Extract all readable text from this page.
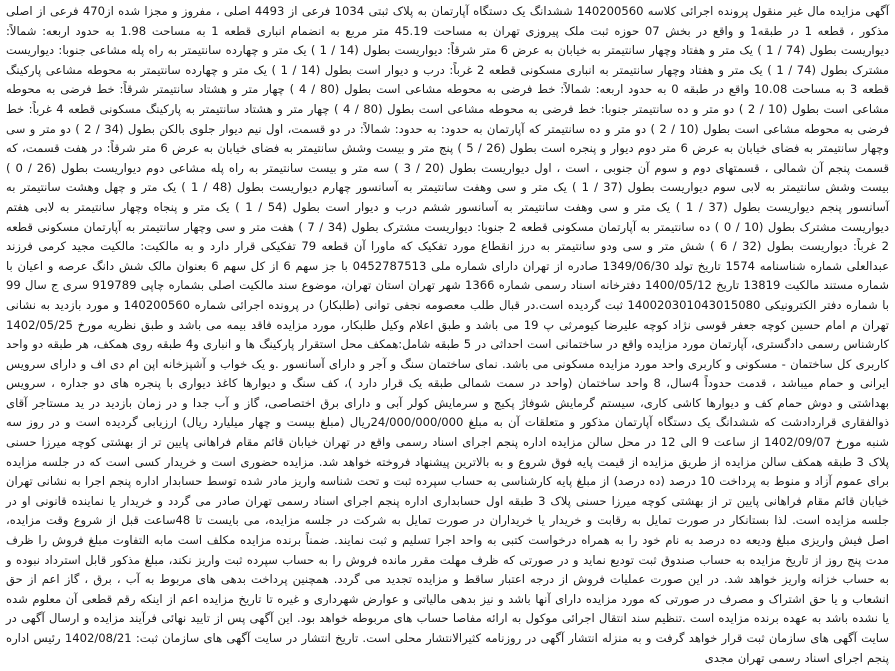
آگهی مزایده مال غیر منقول پرونده اجرائی کلاسه 140200560 ششدانگ یک دستگاه آپارتمان به پلاک ثبتی 1034 فرعی از 4493 اصلی ، مفروز و مجزا شده از470 فرعی از اصلی مذکور ، قطعه 1 در طبقه1 و واقع در بخش 07 حوزه ثبت ملک پیروزی تهران به مساحت 45.19 متر مربع به انضمام انباری قطعه 1 به مساحت 1.98 به حدود اربعه: شمالاً: دیواریست بطول (74 / 1 ) یک متر و هفتاد وچهار سانتیمتر به خیابان به عرض 6 متر شرقاً: دیواریست بطول (14 / 1 ) یک متر و چهارده سانتیمتر به راه پله مشاعی جنوبا: دیواریست مشترک بطول (74 / 1 ) یک متر و هفتاد وچهار سانتیمتر به انباری مسکونی قطعه 2 غرباً: درب و دیوار است بطول (14 / 1 ) یک متر و چهارده سانتیمتر به محوطه مشاعی پارکینگ قطعه 3 به مساحت 10.08 واقع در طبقه 0 به حدود اربعه: شمالاً: خط فرضی به محوطه مشاعی است بطول (80 / 4 ) چهار متر و هشتاد سانتیمتر شرقاً: خط فرضی به محوطه مشاعی است بطول (10 / 2 ) دو متر و ده سانتیمتر جنوبا: خط فرضی به محوطه مشاعی است بطول (80 / 4 ) چهار متر و هشتاد سانتیمتر به پارکینگ مسکونی قطعه 4 غرباً: خط فرضی به محوطه مشاعی است بطول (10 / 2 ) دو متر و ده سانتیمتر که آپارتمان به حدود: به حدود: شمالاً: در دو قسمت، اول نیم دیوار جلوی بالکن بطول (34 / 2 ) دو متر و سی وچهار سانتیمتر به فضای خیابان به عرض 6 متر دوم دیوار و پنجره است بطول (26 / 5 ) پنج متر و بیست وشش سانتیمتر به فضای خیابان به عرض 6 متر شرقاً: در هفت قسمت، که قسمت پنجم آن شمالی ، قسمتهای دوم و سوم آن جنوبی ، است ، اول دیواریست بطول (20 / 3 ) سه متر و بیست سانتیمتر به راه پله مشاعی دوم دیواریست بطول (26 / 0 ) بیست وشش سانتیمتر به لابی سوم دیواریست بطول (37 / 1 ) یک متر و سی وهفت سانتیمتر به آسانسور چهارم دیواریست بطول (48 / 1 ) یک متر و چهل وهشت سانتیمتر به آسانسور پنجم دیواریست بطول (37 / 1 ) یک متر و سی وهفت سانتیمتر به آسانسور ششم درب و دیوار است بطول (54 / 1 ) یک متر و پنجاه وچهار سانتیمتر به لابی هفتم دیواریست مشترک بطول (10 / 0 ) ده سانتیمتر به آپارتمان مسکونی قطعه 2 جنوبا: دیواریست مشترک بطول (34 / 7 ) هفت متر و سی وچهار سانتیمتر به آپارتمان مسکونی قطعه 2 غرباً: دیواریست بطول (32 / 6 ) شش متر و سی ودو سانتیمتر به درز انقطاع مورد تفکیک که ماورا آن قطعه 79 تفکیکی قرار دارد و به مالکیت: مالکیت مجید کرمی فرزند عبدالعلی شماره شناسنامه 1574 تاریخ تولد 1349/06/30 صادره از تهران دارای شماره ملی 0452787513 با جز سهم 6 از کل سهم 6 بعنوان مالک شش دانگ عرصه و اعیان با شماره مستند مالکیت 13819 تاریخ 1400/05/12 دفترخانه اسناد رسمی شماره 1366 شهر تهران استان تهران، موضوع سند مالکیت اصلی بشماره چاپی 919789 سری ج سال 99 با شماره دفتر الکترونیکی 140020301043015080 ثبت گردیده است.در قبال طلب معصومه نجفی توانی (طلبکار) در پرونده اجرائی شماره 140200560 و مورد بازدید به نشانی تهران م امام حسین کوچه جعفر قوسی نژاد کوچه علیرضا کیومرثی پ 19 می باشد و طبق اعلام وکیل طلبکار، مورد مزایده فاقد بیمه می باشد و طبق نظریه مورخ 1402/05/25 کارشناس رسمی دادگستری، آپارتمان مورد مزایده واقع در ساختمانی است احداثی در 5 طبقه شامل:همکف محل استقرار پارکینگ ها و انباری و4 طبقه روی همکف، هر طبقه دو واحد کاربری کل ساختمان - مسکونی و کاربری واحد مورد مزایده مسکونی می باشد. نمای ساختمان سنگ و آجر و دارای آسانسور .و یک خواب و آشپزخانه اپن ام دی اف و دارای سرویس ایرانی و حمام میباشد ، قدمت حدوداً 4سال، 8 واحد ساختمان (واحد در سمت شمالی طبقه یک قرار دارد )، کف سنگ و دیوارها کاغذ دیواری با پنجره های دو جداره ، سرویس بهداشتی و دوش حمام کف و دیوارها کاشی کاری، سیستم گرمایش شوفاژ پکیج و سرمایش کولر آبی و دارای برق اختصاصی، گاز و آب جدا و در زمان بازدید در ید مستاجر آقای ذوالفقاری قراردادشت که ششدانگ یک دستگاه آپارتمان مذکور و متعلقات آن به مبلغ 24/000/000/000ریال (مبلغ بیست و چهار میلیارد ریال) ارزیابی گردیده است و در روز سه شنبه مورخ 1402/09/07 از ساعت 9 الی 12 در محل سالن مزایده اداره پنجم اجرای اسناد رسمی واقع در تهران خیابان قائم مقام فراهانی پایین تر از بهشتی کوچه میرزا حسنی پلاک 3 طبقه همکف سالن مزایده از طریق مزایده از قیمت پایه فوق شروع و به بالاترین پیشنهاد فروخته خواهد شد. مزایده حضوری است و خریدار کسی است که در جلسه مزایده برای عموم آزاد و منوط به پرداخت 10 درصد (ده درصد) از مبلغ پایه کارشناسی به حساب سپرده ثبت و تحت شناسه واریز مادر شده توسط حسابدار اداره پنجم اجرا به نشانی تهران خیابان قائم مقام فراهانی پایین تر از بهشتی کوچه میرزا حسنی پلاک 3 طبقه اول حسابداری اداره پنجم اجرای اسناد رسمی تهران صادر می گردد و خریدار یا نماینده قانونی او در جلسه مزایده است. لذا بستانکار در صورت تمایل به رقابت و خریدار یا خریداران در صورت تمایل به شرکت در جلسه مزایده، می بایست تا 48ساعت قبل از شروع وقت مزایده، اصل فیش واریزی مبلغ ودیعه ده درصد به نام خود را به همراه درخواست کتبی به واحد اجرا تسلیم و ثبت نمایند. ضمناً برنده مزایده مکلف است مابه التفاوت مبلغ فروش را ظرف مدت پنج روز از تاریخ مزایده به حساب صندوق ثبت تودیع نماید و در صورتی که ظرف مهلت مقرر مانده فروش را به حساب سپرده ثبت واریز نکند، مبلغ مذکور قابل استرداد نبوده و به حساب خزانه واریز خواهد شد. در این صورت عملیات فروش از درجه اعتبار ساقط و مزایده تجدید می گردد. همچنین پرداخت بدهی های مربوط به آب ، برق ، گاز اعم از حق انشعاب و یا حق اشتراک و مصرف در صورتی که مورد مزایده دارای آنها باشد و نیز بدهی مالیاتی و عوارض شهرداری و غیره تا تاریخ مزایده اعم از اینکه رقم قطعی آن معلوم شده یا نشده باشد به عهده برنده مزایده است .تنظیم سند انتقال اجرائی موکول به ارائه مفاصا حساب های مربوطه خواهد بود. این آگهی پس از تایید نهائی فرآیند مزایده و ارسال آگهی در سایت آگهی های سازمان ثبت قرار خواهد گرفت و به منزله انتشار آگهی در روزنامه کثیرالانتشار محلی است. تاریخ انتشار در سایت آگهی های سازمان ثبت: 1402/08/21 رئیس اداره پنجم اجرای اسناد رسمی تهران مجدی
